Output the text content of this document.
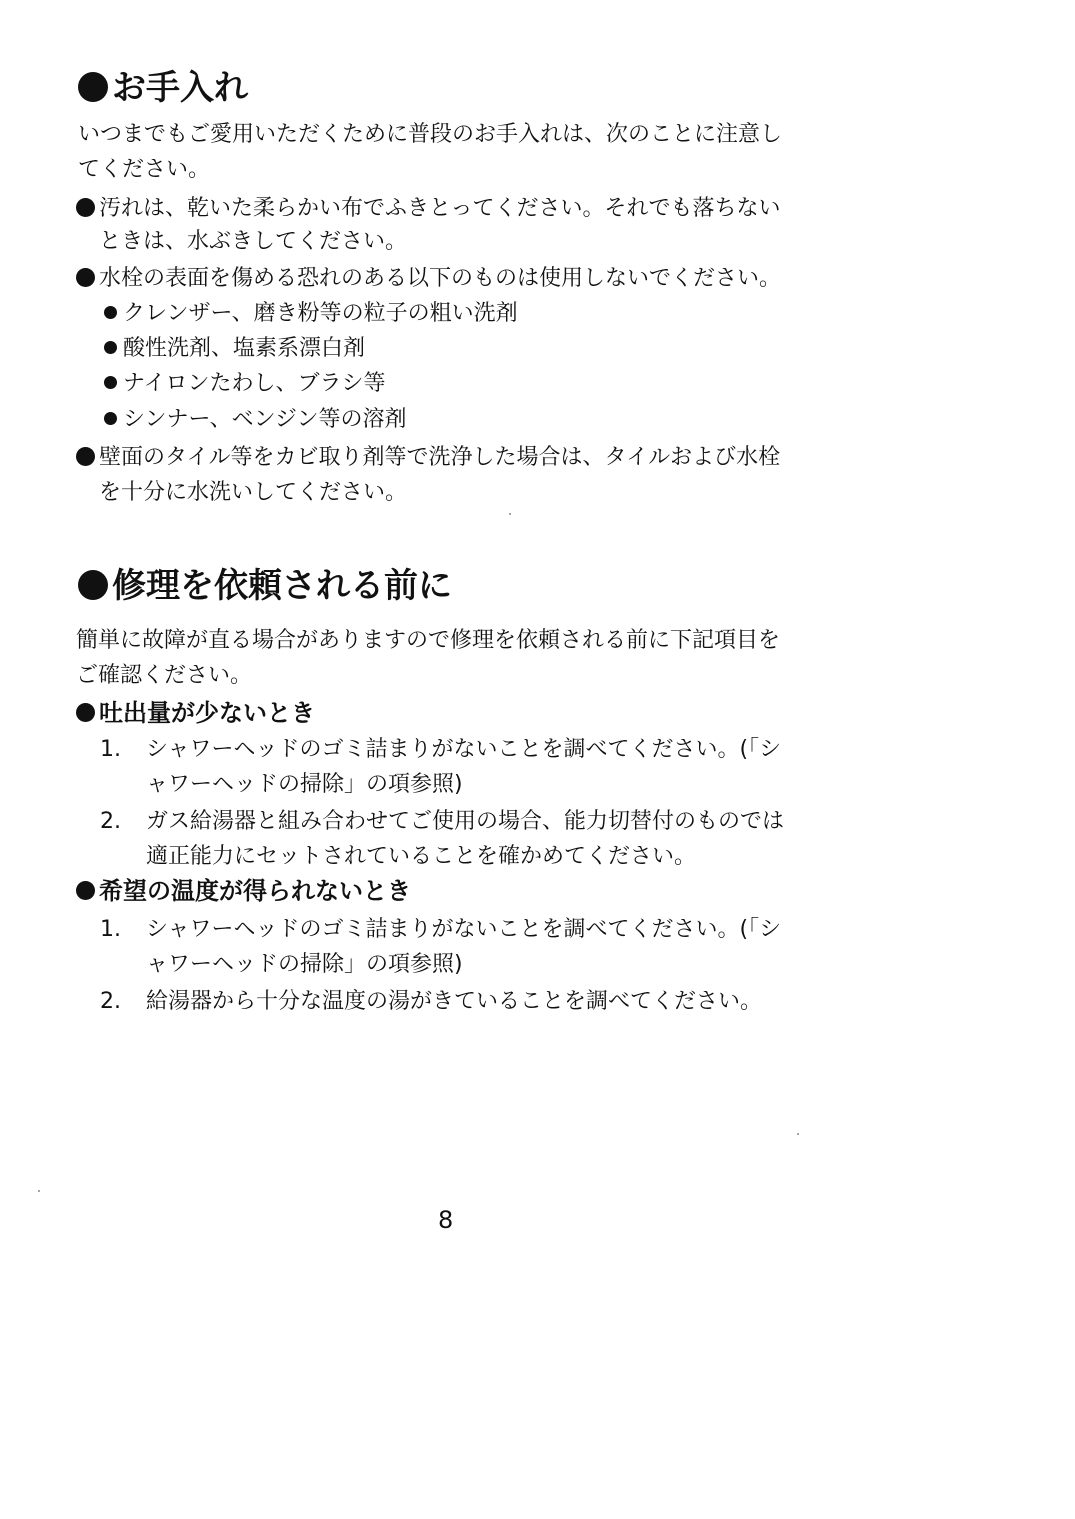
お手入れ
いつまでもご愛用いただくために普段のお手入れは、次のことに注意し
てください。
汚れは、乾いた柔らかい布でふきとってください。それでも落ちない
ときは、水ぶきしてください。
水栓の表面を傷める恐れのある以下のものは使用しないでください。
クレンザー、磨き粉等の粒子の粗い洗剤
酸性洗剤、塩素系漂白剤
ナイロンたわし、ブラシ等
シンナー、ベンジン等の溶剤
壁面のタイル等をカビ取り剤等で洗浄した場合は、タイルおよび水栓
を十分に水洗いしてください。
修理を依頼される前に
簡単に故障が直る場合がありますので修理を依頼される前に下記項目を
ご確認ください。
吐出量が少ないとき
1. シャワーヘッドのゴミ詰まりがないことを調べてください。(「シ
ャワーヘッドの掃除」の項参照)
2. ガス給湯器と組み合わせてご使用の場合、能力切替付のものでは
適正能力にセットされていることを確かめてください。
希望の温度が得られないとき
1. シャワーヘッドのゴミ詰まりがないことを調べてください。(「シ
ャワーヘッドの掃除」の項参照)
2. 給湯器から十分な温度の湯がきていることを調べてください。
8
